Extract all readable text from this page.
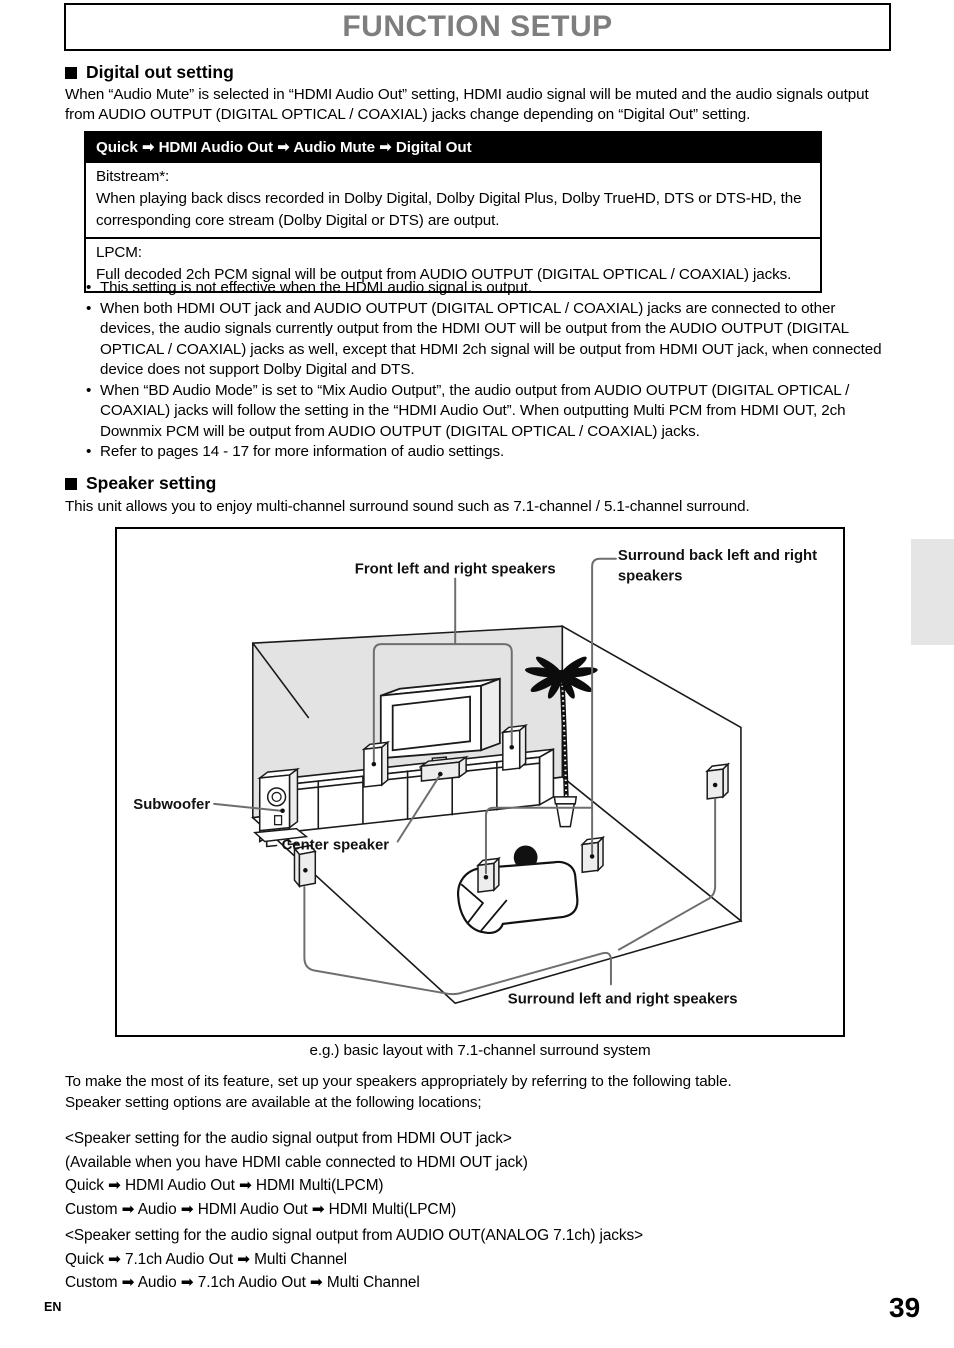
FUNCTION SETUP
Digital out setting
When “Audio Mute” is selected in “HDMI Audio Out” setting, HDMI audio signal will be muted and the audio signals output from AUDIO OUTPUT (DIGITAL OPTICAL / COAXIAL) jacks change depending on “Digital Out” setting.
Quick ➡ HDMI Audio Out ➡ Audio Mute ➡ Digital Out
Bitstream*:
When playing back discs recorded in Dolby Digital, Dolby Digital Plus, Dolby TrueHD, DTS or DTS-HD, the corresponding core stream (Dolby Digital or DTS) are output.
LPCM:
Full decoded 2ch PCM signal will be output from AUDIO OUTPUT (DIGITAL OPTICAL / COAXIAL) jacks.
• This setting is not effective when the HDMI audio signal is output.
• When both HDMI OUT jack and AUDIO OUTPUT (DIGITAL OPTICAL / COAXIAL) jacks are connected to other devices, the audio signals currently output from the HDMI OUT will be output from the AUDIO OUTPUT (DIGITAL OPTICAL / COAXIAL) jacks as well, except that HDMI 2ch signal will be output from HDMI OUT jack, when connected device does not support Dolby Digital and DTS.
• When “BD Audio Mode” is set to “Mix Audio Output”, the audio output from AUDIO OUTPUT (DIGITAL OPTICAL / COAXIAL) jacks will follow the setting in the “HDMI Audio Out”. When outputting Multi PCM from HDMI OUT, 2ch Downmix PCM will be output from AUDIO OUTPUT (DIGITAL OPTICAL / COAXIAL) jacks.
• Refer to pages 14 - 17 for more information of audio settings.
Speaker setting
This unit allows you to enjoy multi-channel surround sound such as 7.1-channel / 5.1-channel surround.
Front left and right speakers
Surround back left and right
speakers
Subwoofer
Center speaker
Surround left and right speakers
e.g.) basic layout with 7.1-channel surround system
To make the most of its feature, set up your speakers appropriately by referring to the following table.
Speaker setting options are available at the following locations;
<Speaker setting for the audio signal output from HDMI OUT jack>
(Available when you have HDMI cable connected to HDMI OUT jack)
Quick ➡ HDMI Audio Out ➡ HDMI Multi(LPCM)
Custom ➡ Audio ➡ HDMI Audio Out ➡ HDMI Multi(LPCM)
<Speaker setting for the audio signal output from AUDIO OUT(ANALOG 7.1ch) jacks>
Quick ➡ 7.1ch Audio Out ➡ Multi Channel
Custom ➡ Audio ➡ 7.1ch Audio Out ➡ Multi Channel
EN	39
